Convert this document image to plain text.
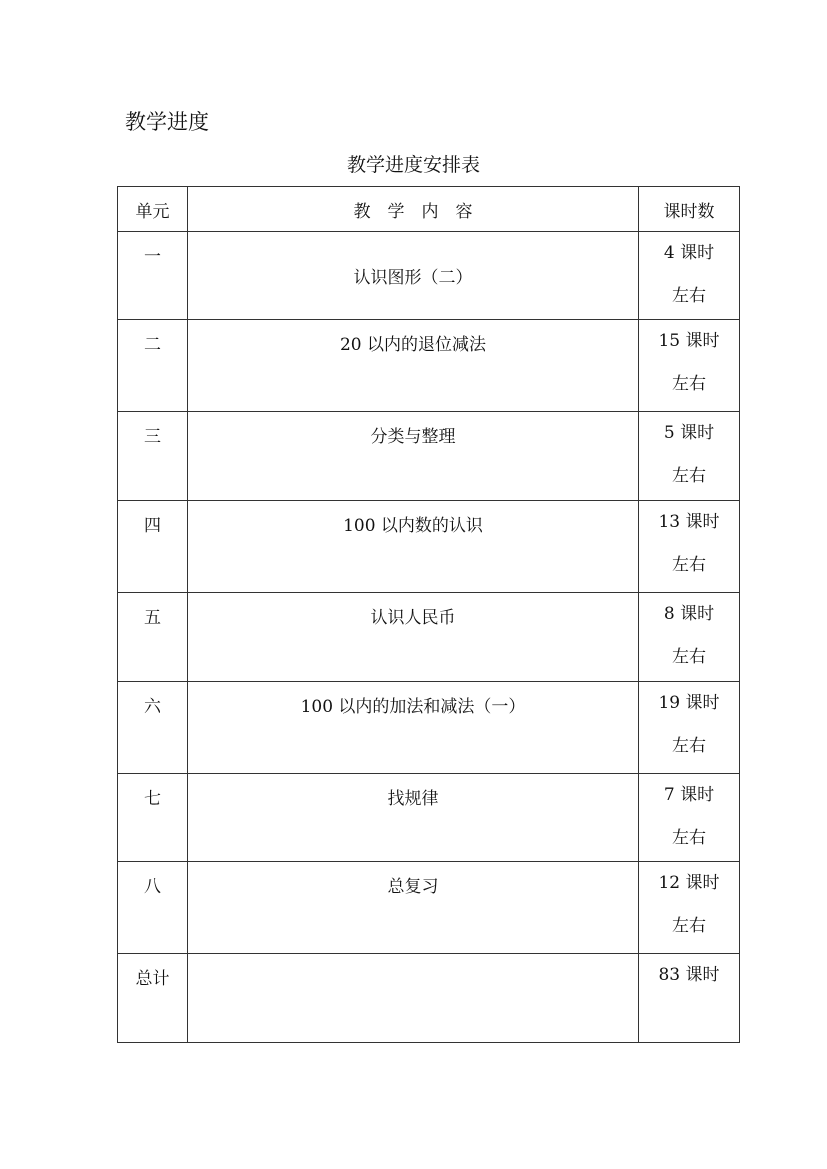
教学进度
教学进度安排表
单元	教学内容	课时数
一	认识图形（二）	4 课时
左右

二	20 以内的退位减法	15 课时
左右

三	分类与整理	5 课时
左右

四	100 以内数的认识	13 课时
左右

五	认识人民币	8 课时
左右

六	100 以内的加法和减法（一）	19 课时
左右

七	找规律	7 课时
左右

八	总复习	12 课时
左右

总计		83 课时
